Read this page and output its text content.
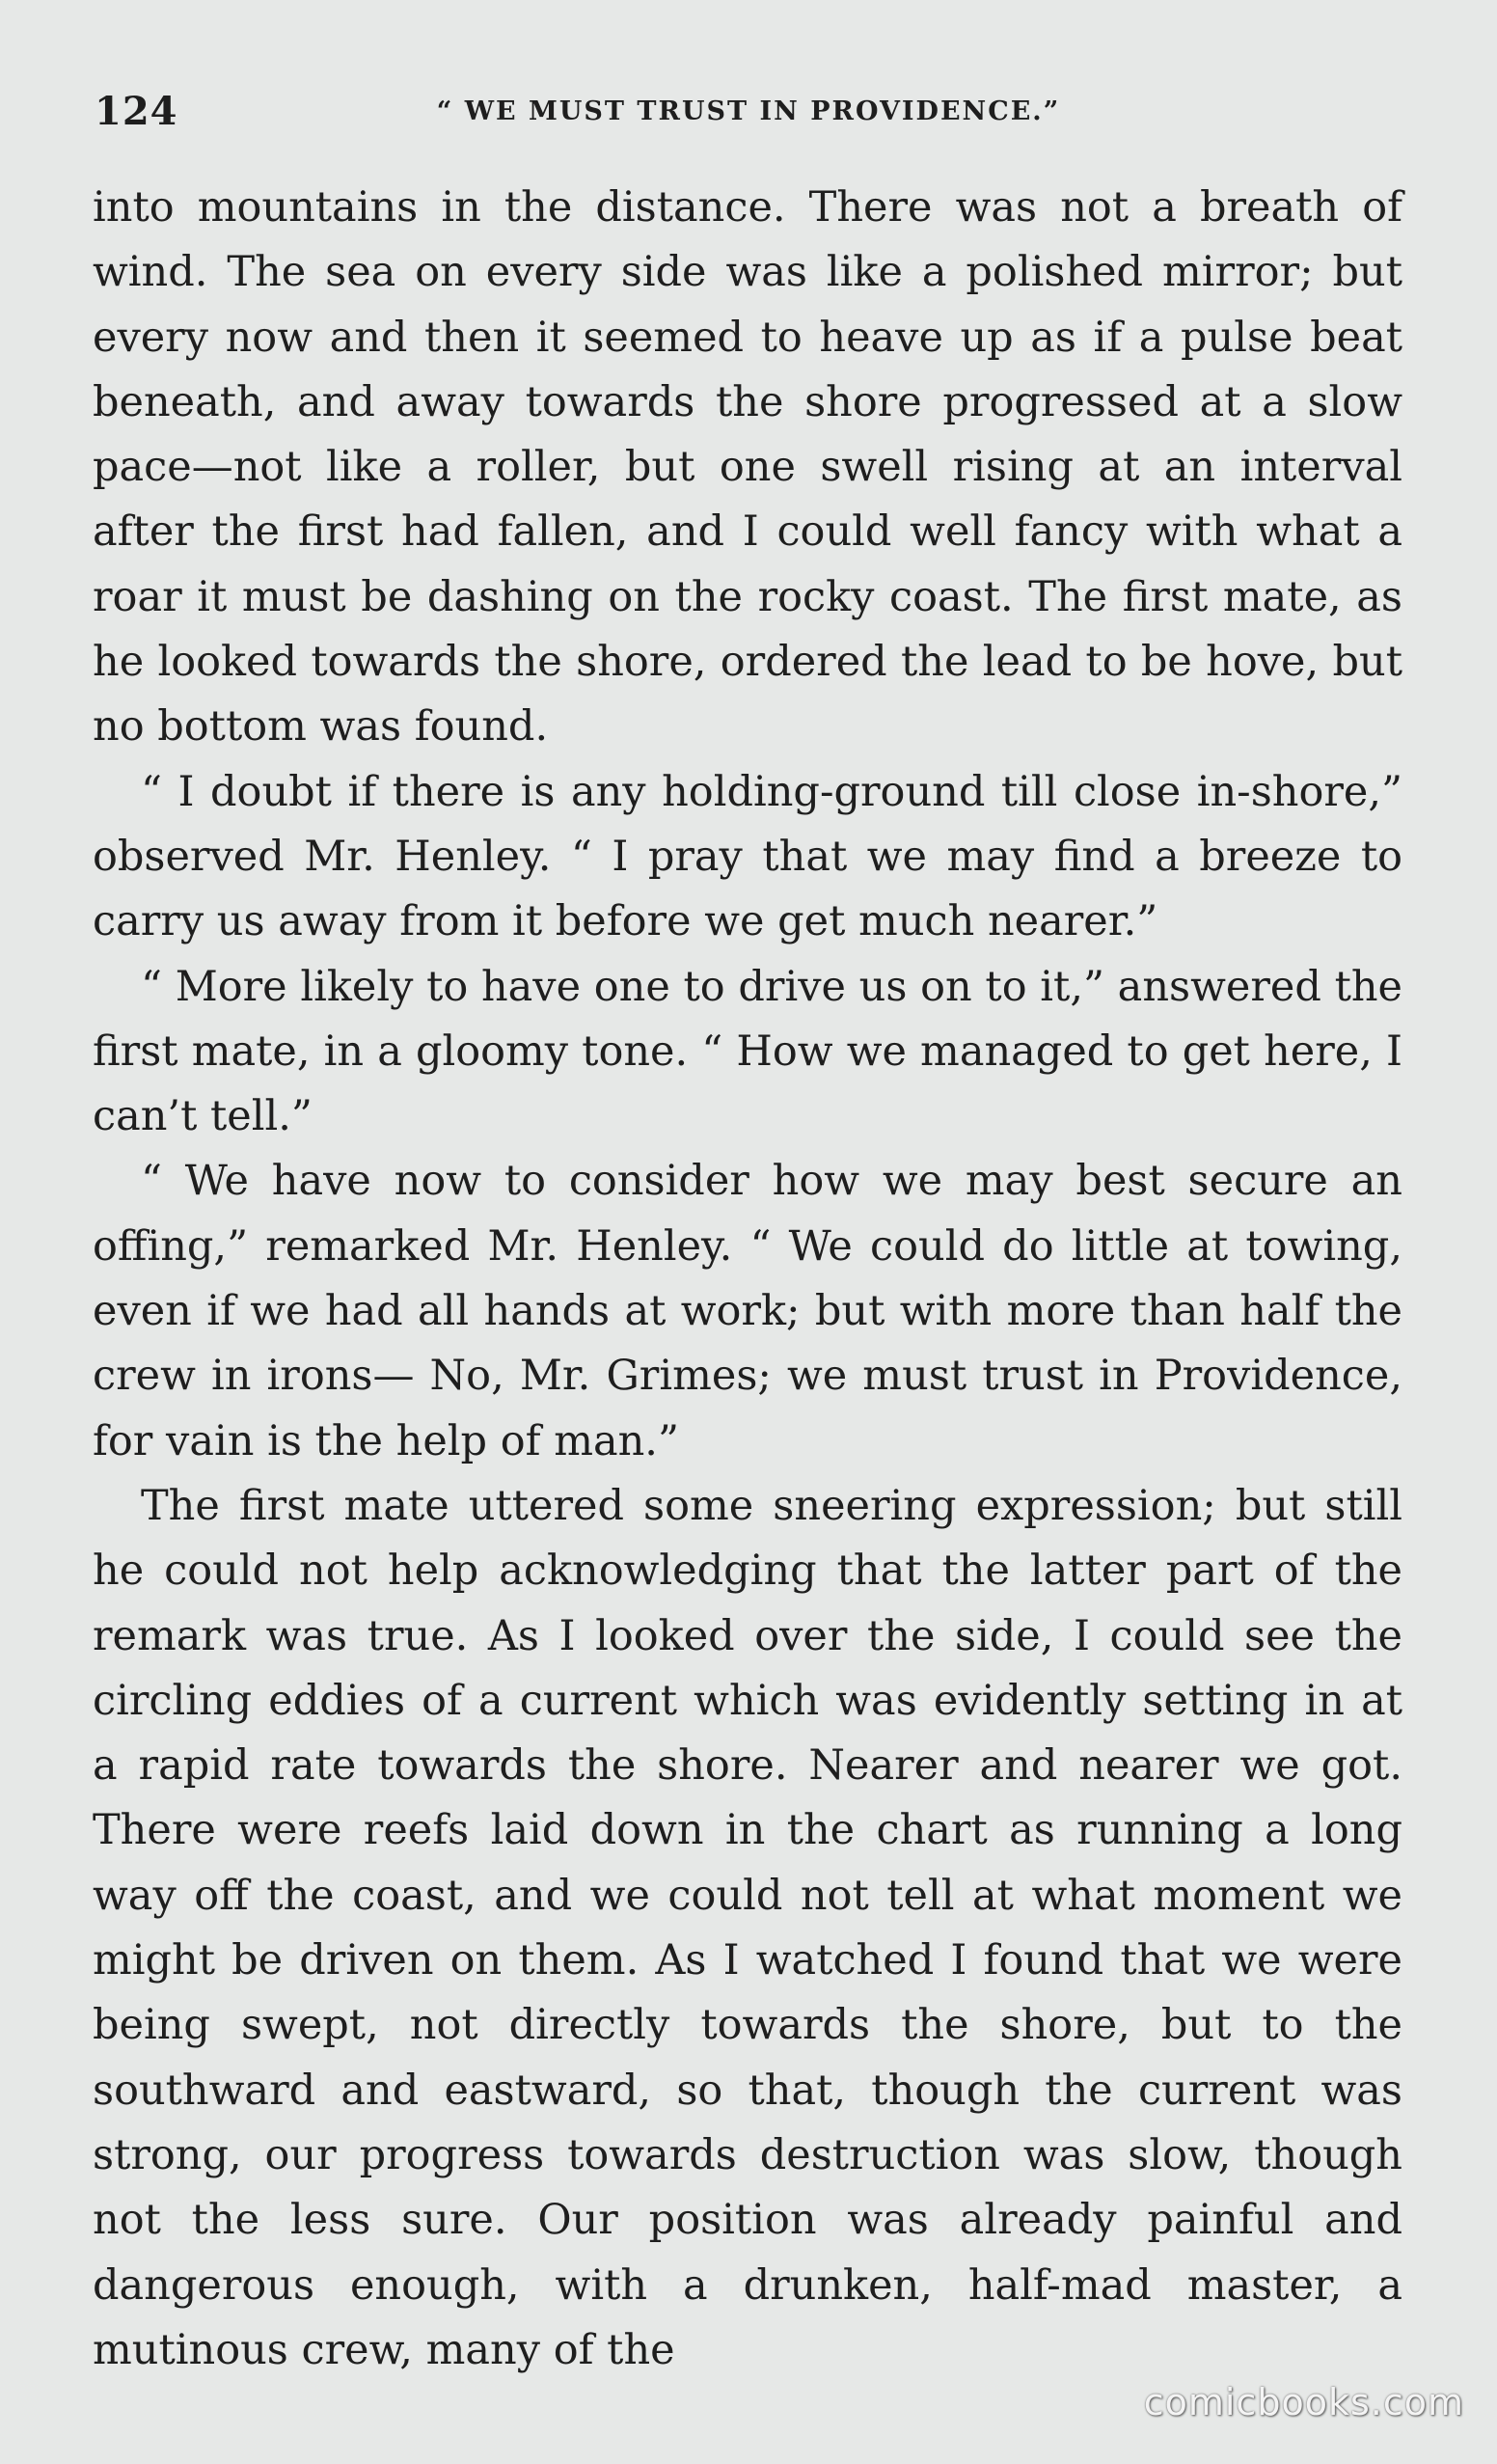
124	“ WE MUST TRUST IN PROVIDENCE.”

into mountains in the distance. There was not a breath of wind. The sea on every side was like a polished mirror; but every now and then it seemed to heave up as if a pulse beat beneath, and away towards the shore progressed at a slow pace—not like a roller, but one swell rising at an interval after the first had fallen, and I could well fancy with what a roar it must be dashing on the rocky coast. The first mate, as he looked towards the shore, ordered the lead to be hove, but no bottom was found.

“ I doubt if there is any holding-ground till close in-shore,” observed Mr. Henley. “ I pray that we may find a breeze to carry us away from it before we get much nearer.”

“ More likely to have one to drive us on to it,” answered the first mate, in a gloomy tone. “ How we managed to get here, I can’t tell.”

“ We have now to consider how we may best secure an offing,” remarked Mr. Henley. “ We could do little at towing, even if we had all hands at work; but with more than half the crew in irons— No, Mr. Grimes; we must trust in Providence, for vain is the help of man.”

The first mate uttered some sneering expression; but still he could not help acknowledging that the latter part of the remark was true. As I looked over the side, I could see the circling eddies of a current which was evidently setting in at a rapid rate towards the shore. Nearer and nearer we got. There were reefs laid down in the chart as running a long way off the coast, and we could not tell at what moment we might be driven on them. As I watched I found that we were being swept, not directly towards the shore, but to the southward and eastward, so that, though the current was strong, our progress towards destruction was slow, though not the less sure. Our position was already painful and dangerous enough, with a drunken, half-mad master, a mutinous crew, many of the

comicbooks.com
